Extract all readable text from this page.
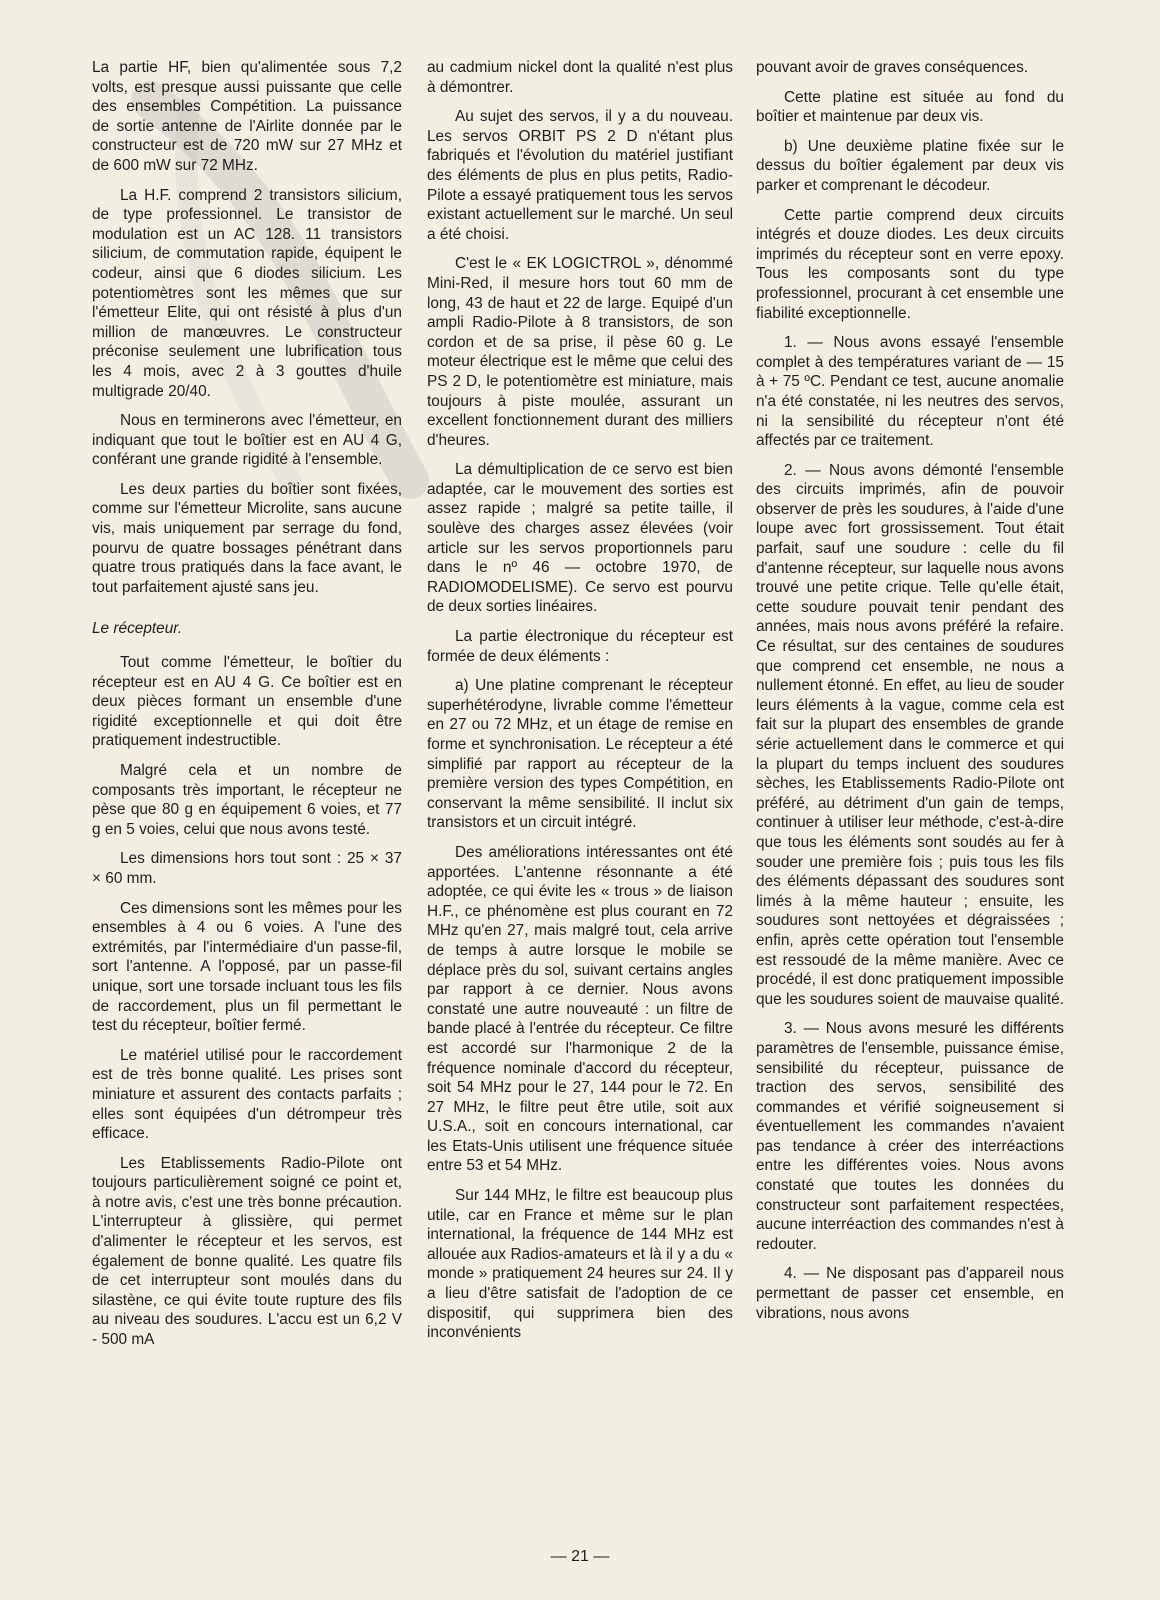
La partie HF, bien qu'alimentée sous 7,2 volts, est presque aussi puissante que celle des ensembles Compétition. La puissance de sortie antenne de l'Airlite donnée par le constructeur est de 720 mW sur 27 MHz et de 600 mW sur 72 MHz.

La H.F. comprend 2 transistors silicium, de type professionnel. Le transistor de modulation est un AC 128. 11 transistors silicium, de commutation rapide, équipent le codeur, ainsi que 6 diodes silicium. Les potentiomètres sont les mêmes que sur l'émetteur Elite, qui ont résisté à plus d'un million de manœuvres. Le constructeur préconise seulement une lubrification tous les 4 mois, avec 2 à 3 gouttes d'huile multigrade 20/40.

Nous en terminerons avec l'émetteur, en indiquant que tout le boîtier est en AU 4 G, conférant une grande rigidité à l'ensemble.

Les deux parties du boîtier sont fixées, comme sur l'émetteur Microlite, sans aucune vis, mais uniquement par serrage du fond, pourvu de quatre bossages pénétrant dans quatre trous pratiqués dans la face avant, le tout parfaitement ajusté sans jeu.

Le récepteur.

Tout comme l'émetteur, le boîtier du récepteur est en AU 4 G. Ce boîtier est en deux pièces formant un ensemble d'une rigidité exceptionnelle et qui doit être pratiquement indestructible.

Malgré cela et un nombre de composants très important, le récepteur ne pèse que 80 g en équipement 6 voies, et 77 g en 5 voies, celui que nous avons testé.

Les dimensions hors tout sont : 25 × 37 × 60 mm.

Ces dimensions sont les mêmes pour les ensembles à 4 ou 6 voies. A l'une des extrémités, par l'intermédiaire d'un passe-fil, sort l'antenne. A l'opposé, par un passe-fil unique, sort une torsade incluant tous les fils de raccordement, plus un fil permettant le test du récepteur, boîtier fermé.

Le matériel utilisé pour le raccordement est de très bonne qualité. Les prises sont miniature et assurent des contacts parfaits ; elles sont équipées d'un détrompeur très efficace.

Les Etablissements Radio-Pilote ont toujours particulièrement soigné ce point et, à notre avis, c'est une très bonne précaution. L'interrupteur à glissière, qui permet d'alimenter le récepteur et les servos, est également de bonne qualité. Les quatre fils de cet interrupteur sont moulés dans du silastène, ce qui évite toute rupture des fils au niveau des soudures. L'accu est un 6,2 V - 500 mA

au cadmium nickel dont la qualité n'est plus à démontrer.

Au sujet des servos, il y a du nouveau. Les servos ORBIT PS 2 D n'étant plus fabriqués et l'évolution du matériel justifiant des éléments de plus en plus petits, Radio-Pilote a essayé pratiquement tous les servos existant actuellement sur le marché. Un seul a été choisi.

C'est le « EK LOGICTROL », dénommé Mini-Red, il mesure hors tout 60 mm de long, 43 de haut et 22 de large. Equipé d'un ampli Radio-Pilote à 8 transistors, de son cordon et de sa prise, il pèse 60 g. Le moteur électrique est le même que celui des PS 2 D, le potentiomètre est miniature, mais toujours à piste moulée, assurant un excellent fonctionnement durant des milliers d'heures.

La démultiplication de ce servo est bien adaptée, car le mouvement des sorties est assez rapide ; malgré sa petite taille, il soulève des charges assez élevées (voir article sur les servos proportionnels paru dans le nº 46 — octobre 1970, de RADIOMODELISME). Ce servo est pourvu de deux sorties linéaires.

La partie électronique du récepteur est formée de deux éléments :

a) Une platine comprenant le récepteur superhétérodyne, livrable comme l'émetteur en 27 ou 72 MHz, et un étage de remise en forme et synchronisation. Le récepteur a été simplifié par rapport au récepteur de la première version des types Compétition, en conservant la même sensibilité. Il inclut six transistors et un circuit intégré.

Des améliorations intéressantes ont été apportées. L'antenne résonnante a été adoptée, ce qui évite les « trous » de liaison H.F., ce phénomène est plus courant en 72 MHz qu'en 27, mais malgré tout, cela arrive de temps à autre lorsque le mobile se déplace près du sol, suivant certains angles par rapport à ce dernier. Nous avons constaté une autre nouveauté : un filtre de bande placé à l'entrée du récepteur. Ce filtre est accordé sur l'harmonique 2 de la fréquence nominale d'accord du récepteur, soit 54 MHz pour le 27, 144 pour le 72. En 27 MHz, le filtre peut être utile, soit aux U.S.A., soit en concours international, car les Etats-Unis utilisent une fréquence située entre 53 et 54 MHz.

Sur 144 MHz, le filtre est beaucoup plus utile, car en France et même sur le plan international, la fréquence de 144 MHz est allouée aux Radios-amateurs et là il y a du « monde » pratiquement 24 heures sur 24. Il y a lieu d'être satisfait de l'adoption de ce dispositif, qui supprimera bien des inconvénients

pouvant avoir de graves conséquences.

Cette platine est située au fond du boîtier et maintenue par deux vis.

b) Une deuxième platine fixée sur le dessus du boîtier également par deux vis parker et comprenant le décodeur.

Cette partie comprend deux circuits intégrés et douze diodes. Les deux circuits imprimés du récepteur sont en verre epoxy. Tous les composants sont du type professionnel, procurant à cet ensemble une fiabilité exceptionnelle.

1. — Nous avons essayé l'ensemble complet à des températures variant de — 15 à + 75 ºC. Pendant ce test, aucune anomalie n'a été constatée, ni les neutres des servos, ni la sensibilité du récepteur n'ont été affectés par ce traitement.

2. — Nous avons démonté l'ensemble des circuits imprimés, afin de pouvoir observer de près les soudures, à l'aide d'une loupe avec fort grossissement. Tout était parfait, sauf une soudure : celle du fil d'antenne récepteur, sur laquelle nous avons trouvé une petite crique. Telle qu'elle était, cette soudure pouvait tenir pendant des années, mais nous avons préféré la refaire. Ce résultat, sur des centaines de soudures que comprend cet ensemble, ne nous a nullement étonné. En effet, au lieu de souder leurs éléments à la vague, comme cela est fait sur la plupart des ensembles de grande série actuellement dans le commerce et qui la plupart du temps incluent des soudures sèches, les Etablissements Radio-Pilote ont préféré, au détriment d'un gain de temps, continuer à utiliser leur méthode, c'est-à-dire que tous les éléments sont soudés au fer à souder une première fois ; puis tous les fils des éléments dépassant des soudures sont limés à la même hauteur ; ensuite, les soudures sont nettoyées et dégraissées ; enfin, après cette opération tout l'ensemble est ressoudé de la même manière. Avec ce procédé, il est donc pratiquement impossible que les soudures soient de mauvaise qualité.

3. — Nous avons mesuré les différents paramètres de l'ensemble, puissance émise, sensibilité du récepteur, puissance de traction des servos, sensibilité des commandes et vérifié soigneusement si éventuellement les commandes n'avaient pas tendance à créer des interréactions entre les différentes voies. Nous avons constaté que toutes les données du constructeur sont parfaitement respectées, aucune interréaction des commandes n'est à redouter.

4. — Ne disposant pas d'appareil nous permettant de passer cet ensemble, en vibrations, nous avons

— 21 —
